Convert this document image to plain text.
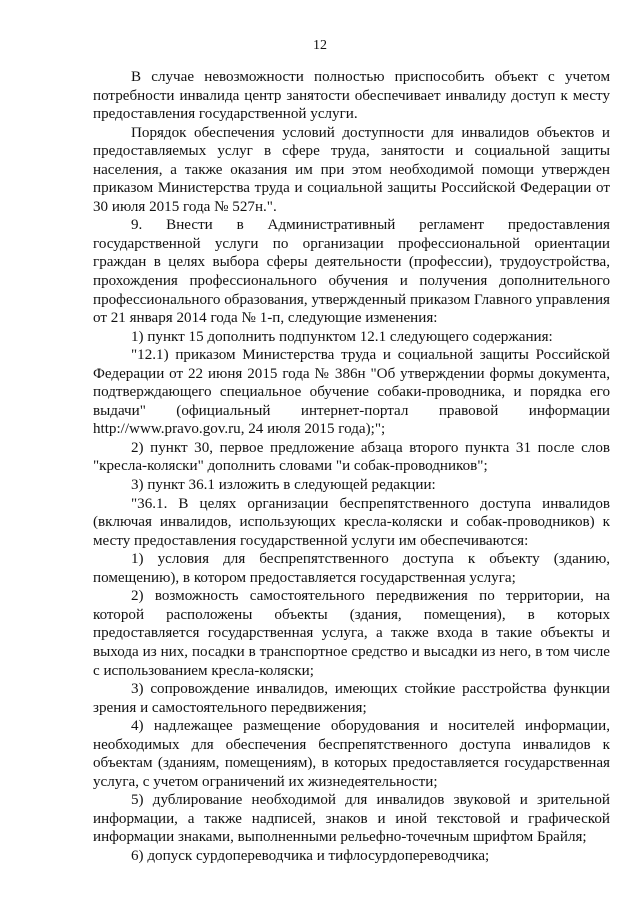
12

В случае невозможности полностью приспособить объект с учетом потребности инвалида центр занятости обеспечивает инвалиду доступ к месту предоставления государственной услуги.

Порядок обеспечения условий доступности для инвалидов объектов и предоставляемых услуг в сфере труда, занятости и социальной защиты населения, а также оказания им при этом необходимой помощи утвержден приказом Министерства труда и социальной защиты Российской Федерации от 30 июля 2015 года № 527н.".

9. Внести в Административный регламент предоставления государственной услуги по организации профессиональной ориентации граждан в целях выбора сферы деятельности (профессии), трудоустройства, прохождения профессионального обучения и получения дополнительного профессионального образования, утвержденный приказом Главного управления от 21 января 2014 года № 1-п, следующие изменения:

1) пункт 15 дополнить подпунктом 12.1 следующего содержания:

"12.1) приказом Министерства труда и социальной защиты Российской Федерации от 22 июня 2015 года № 386н "Об утверждении формы документа, подтверждающего специальное обучение собаки-проводника, и порядка его выдачи" (официальный интернет-портал правовой информации http://www.pravo.gov.ru, 24 июля 2015 года);";

2) пункт 30, первое предложение абзаца второго пункта 31 после слов "кресла-коляски" дополнить словами "и собак-проводников";

3) пункт 36.1 изложить в следующей редакции:

"36.1. В целях организации беспрепятственного доступа инвалидов (включая инвалидов, использующих кресла-коляски и собак-проводников) к месту предоставления государственной услуги им обеспечиваются:

1) условия для беспрепятственного доступа к объекту (зданию, помещению), в котором предоставляется государственная услуга;

2) возможность самостоятельного передвижения по территории, на которой расположены объекты (здания, помещения), в которых предоставляется государственная услуга, а также входа в такие объекты и выхода из них, посадки в транспортное средство и высадки из него, в том числе с использованием кресла-коляски;

3) сопровождение инвалидов, имеющих стойкие расстройства функции зрения и самостоятельного передвижения;

4) надлежащее размещение оборудования и носителей информации, необходимых для обеспечения беспрепятственного доступа инвалидов к объектам (зданиям, помещениям), в которых предоставляется государственная услуга, с учетом ограничений их жизнедеятельности;

5) дублирование необходимой для инвалидов звуковой и зрительной информации, а также надписей, знаков и иной текстовой и графической информации знаками, выполненными рельефно-точечным шрифтом Брайля;

6) допуск сурдопереводчика и тифлосурдопереводчика;
